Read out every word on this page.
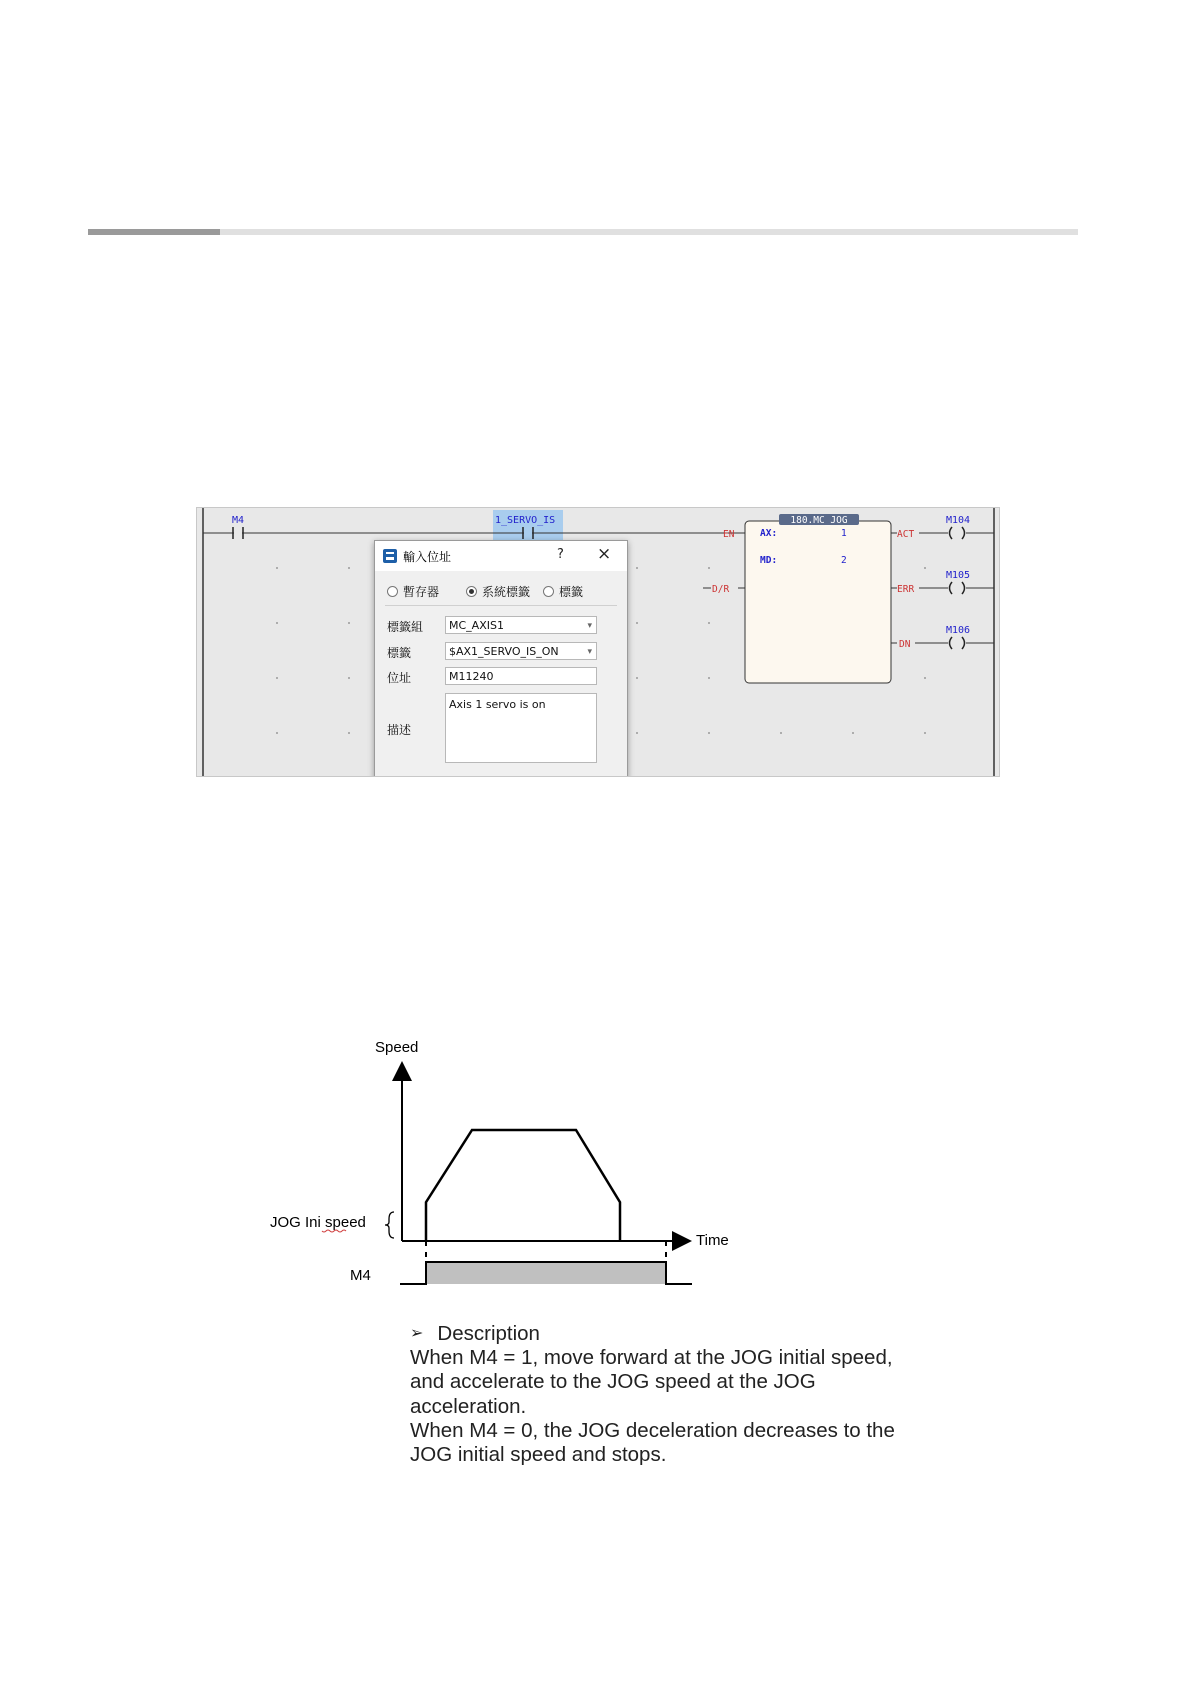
M4	1_SERVO_IS	180.MC_JOG
AX:	1
MD:	2
EN
D/R
ACT
ERR
DN
M104
M105
M106
輸入位址	? ×
暫存器	系統標籤 標籤
標籤組	MC_AXIS1 ▾
標籤	$AX1_SERVO_IS_ON ▾
位址	M11240
描述
Axis 1 servo is on
Speed
Time
JOG Ini speed
M4
➢ Description
When M4 = 1, move forward at the JOG initial speed,
and accelerate to the JOG speed at the JOG
acceleration.
When M4 = 0, the JOG deceleration decreases to the
JOG initial speed and stops.
